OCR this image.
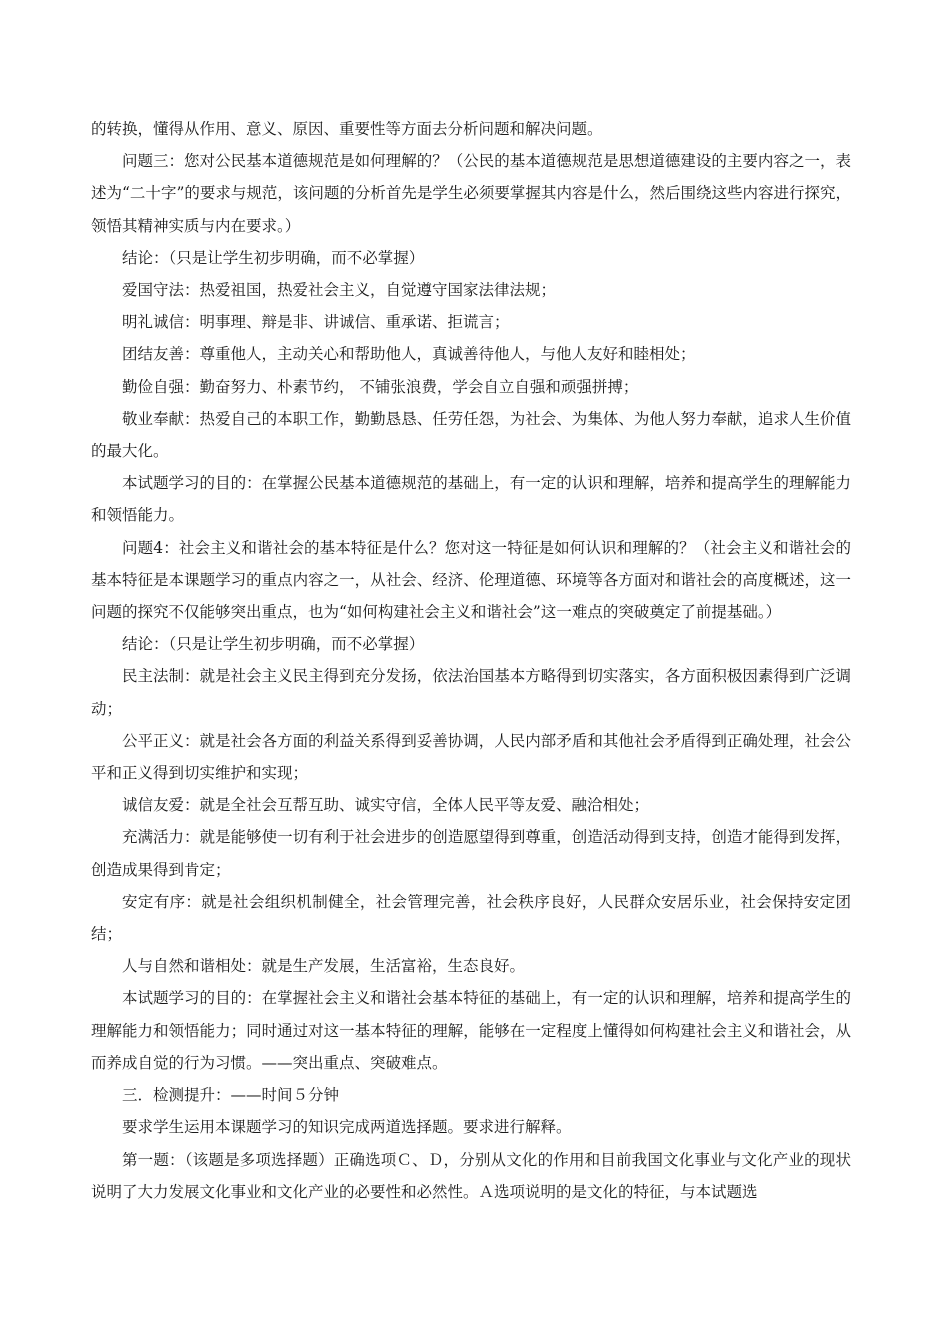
的转换，懂得从作用、意义、原因、重要性等方面去分析问题和解决问题。

问题三：您对公民基本道德规范是如何理解的？（公民的基本道德规范是思想道德建设的主要内容之一，表述为“二十字”的要求与规范，该问题的分析首先是学生必须要掌握其内容是什么，然后围绕这些内容进行探究，领悟其精神实质与内在要求。）

结论：（只是让学生初步明确，而不必掌握）

爱国守法：热爱祖国，热爱社会主义，自觉遵守国家法律法规；

明礼诚信：明事理、辩是非、讲诚信、重承诺、拒谎言；

团结友善：尊重他人，主动关心和帮助他人，真诚善待他人，与他人友好和睦相处；

勤俭自强：勤奋努力、朴素节约， 不铺张浪费，学会自立自强和顽强拼搏；

敬业奉献：热爱自己的本职工作，勤勤恳恳、任劳任怨，为社会、为集体、为他人努力奉献，追求人生价值的最大化。

本试题学习的目的：在掌握公民基本道德规范的基础上，有一定的认识和理解，培养和提高学生的理解能力和领悟能力。

问题4：社会主义和谐社会的基本特征是什么？您对这一特征是如何认识和理解的？（社会主义和谐社会的基本特征是本课题学习的重点内容之一，从社会、经济、伦理道德、环境等各方面对和谐社会的高度概述，这一问题的探究不仅能够突出重点，也为“如何构建社会主义和谐社会”这一难点的突破奠定了前提基础。）

结论：（只是让学生初步明确，而不必掌握）

民主法制：就是社会主义民主得到充分发扬，依法治国基本方略得到切实落实，各方面积极因素得到广泛调动；

公平正义：就是社会各方面的利益关系得到妥善协调，人民内部矛盾和其他社会矛盾得到正确处理，社会公平和正义得到切实维护和实现；

诚信友爱：就是全社会互帮互助、诚实守信，全体人民平等友爱、融洽相处；

充满活力：就是能够使一切有利于社会进步的创造愿望得到尊重，创造活动得到支持，创造才能得到发挥，创造成果得到肯定；

安定有序：就是社会组织机制健全，社会管理完善，社会秩序良好，人民群众安居乐业，社会保持安定团结；

人与自然和谐相处：就是生产发展，生活富裕，生态良好。

本试题学习的目的：在掌握社会主义和谐社会基本特征的基础上，有一定的认识和理解，培养和提高学生的理解能力和领悟能力；同时通过对这一基本特征的理解，能够在一定程度上懂得如何构建社会主义和谐社会，从而养成自觉的行为习惯。——突出重点、突破难点。

三．检测提升：——时间５分钟

要求学生运用本课题学习的知识完成两道选择题。要求进行解释。

第一题：（该题是多项选择题）正确选项Ｃ、Ｄ，分别从文化的作用和目前我国文化事业与文化产业的现状说明了大力发展文化事业和文化产业的必要性和必然性。Ａ选项说明的是文化的特征，与本试题选
